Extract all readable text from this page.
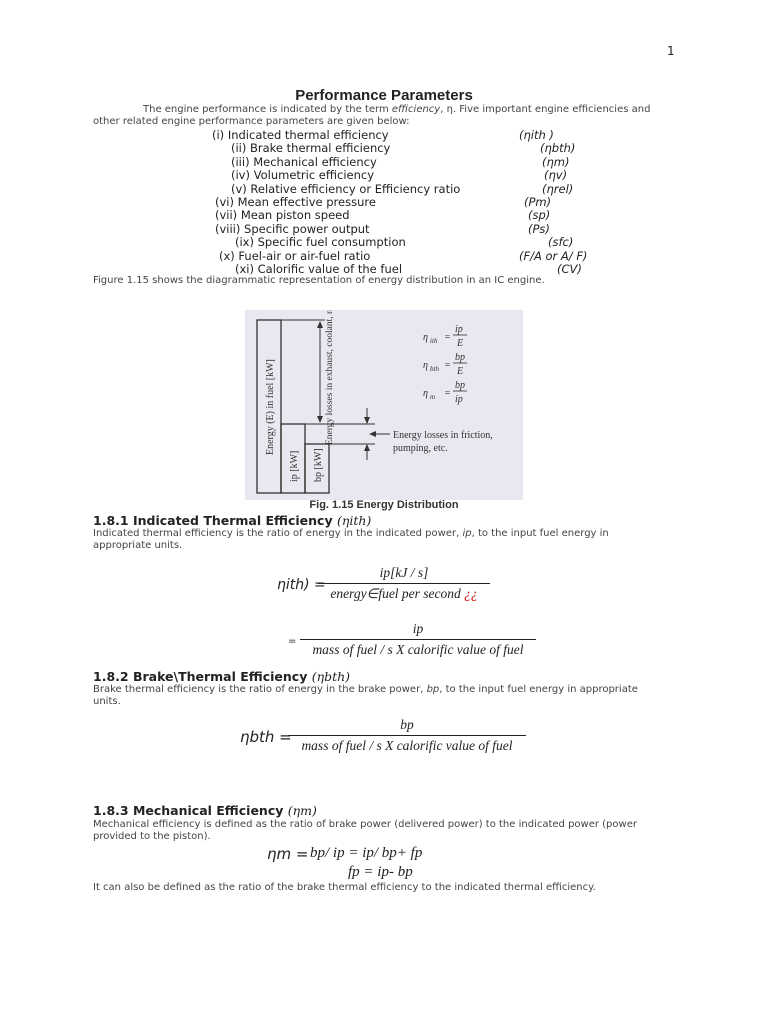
1
Performance Parameters
The engine performance is indicated by the term efficiency, η. Five important engine efficiencies and
other related engine performance parameters are given below:
(i) Indicated thermal efficiency	(ηith )
(ii) Brake thermal efficiency	(ηbth)
(iii) Mechanical efficiency	(ηm)
(iv) Volumetric efficiency	(ηv)
(v) Relative efficiency or Efficiency ratio	(ηrel)
(vi) Mean effective pressure	(Pm)
(vii) Mean piston speed	(sp)
(viii) Specific power output	(Ps)
(ix) Specific fuel consumption	(sfc)
(x) Fuel-air or air-fuel ratio	(F/A or A/ F)
(xi) Calorific value of the fuel	(CV)
Figure 1.15 shows the diagrammatic representation of energy distribution in an IC engine.
Energy (E) in fuel [kW]
ip [kW] bp [kW]
Energy losses in exhaust, coolant, radiation etc.	Energy losses in friction,
pumping, etc.
η ith =
ip
E
η bth =
bp
E
η m =
bp
ip
Fig. 1.15 Energy Distribution
1.8.1 Indicated Thermal Efficiency (ηith)
Indicated thermal efficiency is the ratio of energy in the indicated power, ip, to the input fuel energy in
appropriate units.
ηith) =
ip[kJ / s]
energy∈fuel per second ¿¿
=
ip
mass of fuel / s X calorific value of fuel
1.8.2 Brake\Thermal Efficiency (ηbth)
Brake thermal efficiency is the ratio of energy in the brake power, bp, to the input fuel energy in appropriate
units.
ηbth =
bp
mass of fuel / s X calorific value of fuel
1.8.3 Mechanical Efficiency (ηm)
Mechanical efficiency is defined as the ratio of brake power (delivered power) to the indicated power (power
provided to the piston).
ηm = bp/ ip = ip/ bp+ fp
fp = ip- bp
It can also be defined as the ratio of the brake thermal efficiency to the indicated thermal efficiency.
